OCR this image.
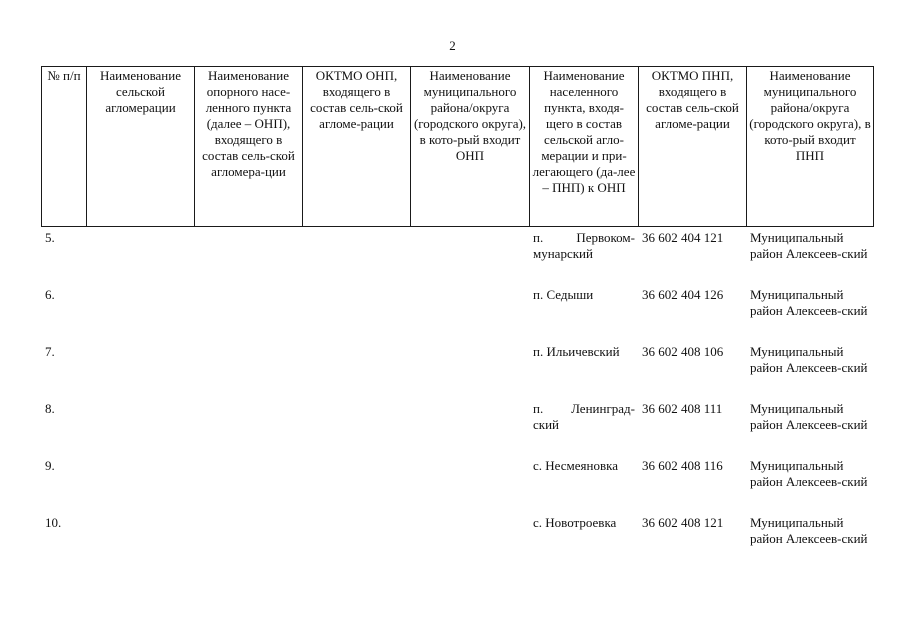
2
№ п/п	Наименование сельской агломерации	Наименование опорного насе-ленного пункта (далее – ОНП), входящего в состав сель-ской агломера-ции	ОКТМО ОНП, входящего в состав сель-ской агломе-рации	Наименование муниципального района/округа (городского округа), в кото-рый входит ОНП	Наименование населенного пункта, входя-щего в состав сельской агло-мерации и при-легающего (да-лее – ПНП) к ОНП	ОКТМО ПНП, входящего в состав сель-ской агломе-рации	Наименование муниципального района/округа (городского округа), в кото-рый входит ПНП
5.					п. Первоком-мунарский	36 602 404 121	Муниципальный район Алексеев-ский
6.					п. Седыши	36 602 404 126	Муниципальный район Алексеев-ский
7.					п. Ильичевский	36 602 408 106	Муниципальный район Алексеев-ский
8.					п. Ленинград-ский	36 602 408 111	Муниципальный район Алексеев-ский
9.					с. Несмеяновка	36 602 408 116	Муниципальный район Алексеев-ский
10.					с. Новотроевка	36 602 408 121	Муниципальный район Алексеев-ский
